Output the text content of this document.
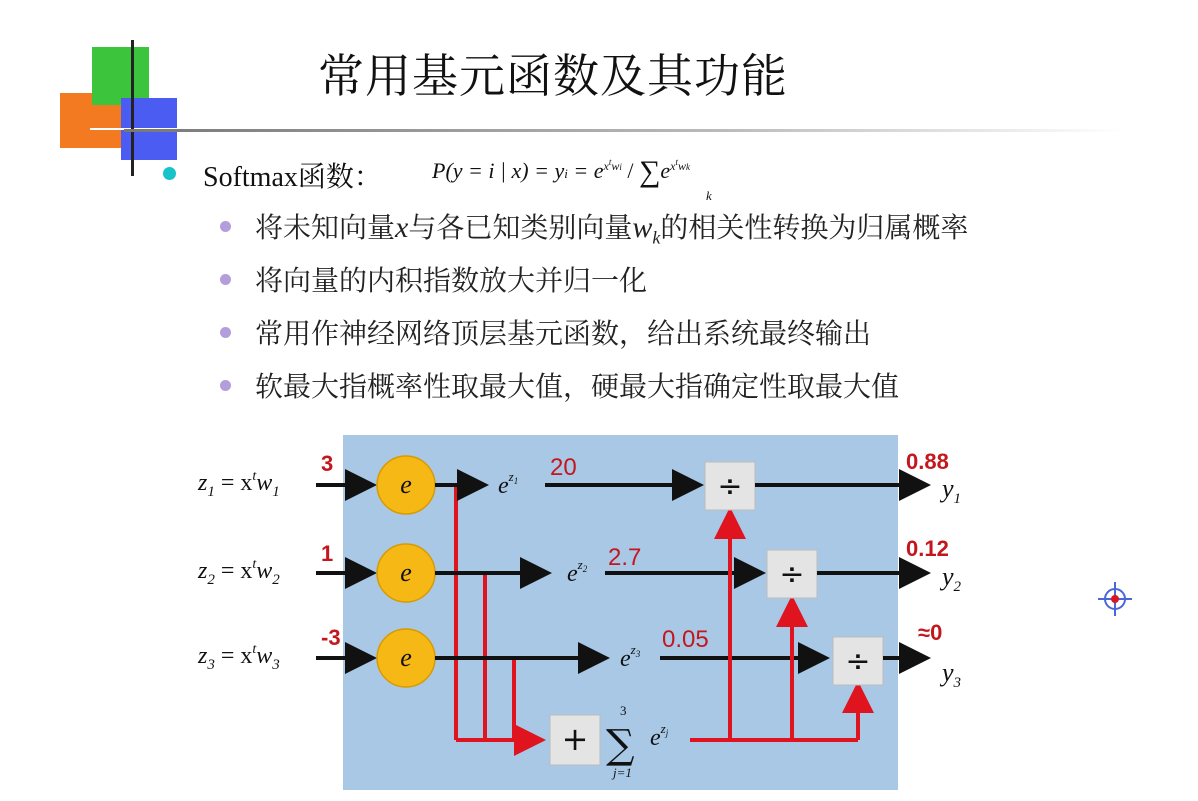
常用基元函数及其功能
Softmax函数： P(y = i | x) = yi = $e^{x^twi}$ / ∑
k
$e^{x^twk}$
将未知向量x与各已知类别向量$w_k$的相关性转换为归属概率
将向量的内积指数放大并归一化
常用作神经网络顶层基元函数，给出系统最终输出
软最大指概率性取最大值，硬最大指确定性取最大值
$z_1 = x^tw_1$
$z_2 = x^tw_2$
$z_3 = x^tw_3$
3
1
-3
e
e
e
$e^z1$
$e^z2$
$e^z3$
20
2.7
0.05
+ ∑
3
j=1
$e^zj$
÷
÷
÷
0.88
0.12
≈0
$y_1$
$y_2$
$y_3$
